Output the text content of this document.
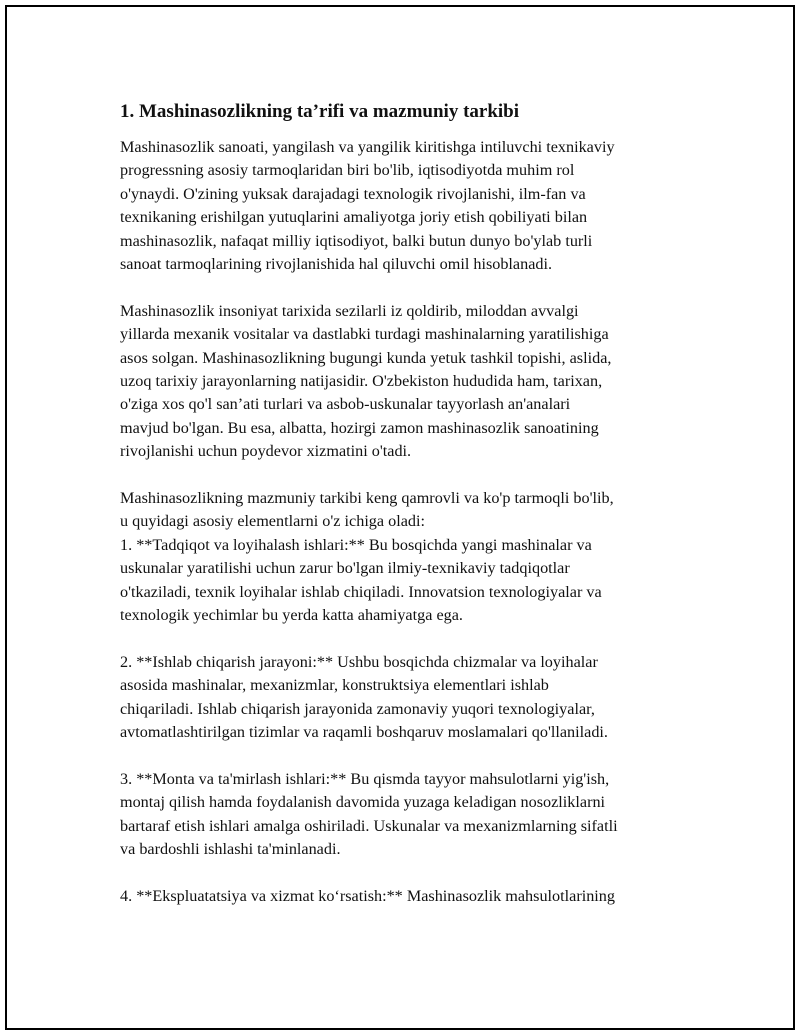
1. Mashinasozlikning ta’rifi va mazmuniy tarkibi

Mashinasozlik sanoati, yangilash va yangilik kiritishga intiluvchi texnikaviy
progressning asosiy tarmoqlaridan biri bo'lib, iqtisodiyotda muhim rol
o'ynaydi. O'zining yuksak darajadagi texnologik rivojlanishi, ilm-fan va
texnikaning erishilgan yutuqlarini amaliyotga joriy etish qobiliyati bilan
mashinasozlik, nafaqat milliy iqtisodiyot, balki butun dunyo bo'ylab turli
sanoat tarmoqlarining rivojlanishida hal qiluvchi omil hisoblanadi.

Mashinasozlik insoniyat tarixida sezilarli iz qoldirib, miloddan avvalgi
yillarda mexanik vositalar va dastlabki turdagi mashinalarning yaratilishiga
asos solgan. Mashinasozlikning bugungi kunda yetuk tashkil topishi, aslida,
uzoq tarixiy jarayonlarning natijasidir. O'zbekiston hududida ham, tarixan,
o'ziga xos qo'l san’ati turlari va asbob-uskunalar tayyorlash an'analari
mavjud bo'lgan. Bu esa, albatta, hozirgi zamon mashinasozlik sanoatining
rivojlanishi uchun poydevor xizmatini o'tadi.

Mashinasozlikning mazmuniy tarkibi keng qamrovli va ko'p tarmoqli bo'lib,
u quyidagi asosiy elementlarni o'z ichiga oladi:
1. **Tadqiqot va loyihalash ishlari:** Bu bosqichda yangi mashinalar va
uskunalar yaratilishi uchun zarur bo'lgan ilmiy-texnikaviy tadqiqotlar
o'tkaziladi, texnik loyihalar ishlab chiqiladi. Innovatsion texnologiyalar va
texnologik yechimlar bu yerda katta ahamiyatga ega.

2. **Ishlab chiqarish jarayoni:** Ushbu bosqichda chizmalar va loyihalar
asosida mashinalar, mexanizmlar, konstruktsiya elementlari ishlab
chiqariladi. Ishlab chiqarish jarayonida zamonaviy yuqori texnologiyalar,
avtomatlashtirilgan tizimlar va raqamli boshqaruv moslamalari qo'llaniladi.

3. **Monta va ta'mirlash ishlari:** Bu qismda tayyor mahsulotlarni yig'ish,
montaj qilish hamda foydalanish davomida yuzaga keladigan nosozliklarni
bartaraf etish ishlari amalga oshiriladi. Uskunalar va mexanizmlarning sifatli
va bardoshli ishlashi ta'minlanadi.

4. **Ekspluatatsiya va xizmat ko‘rsatish:** Mashinasozlik mahsulotlarining
